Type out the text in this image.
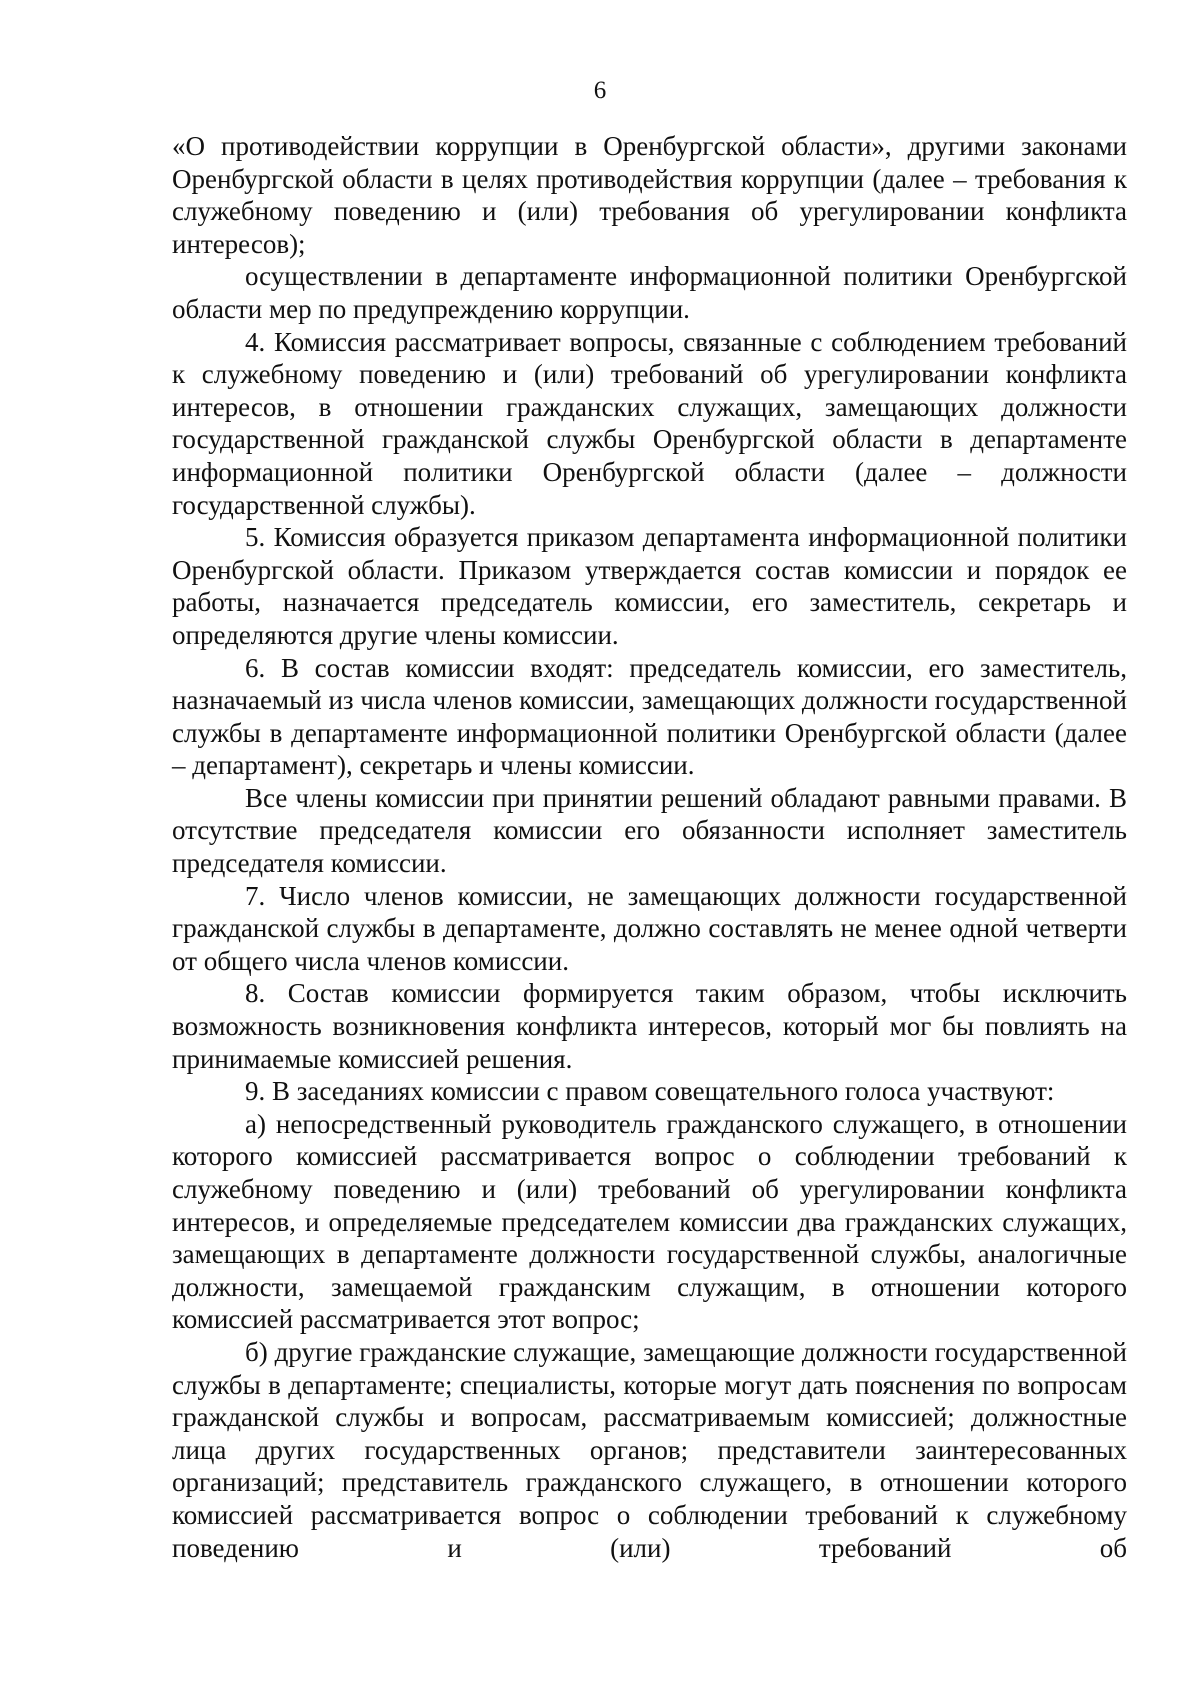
6

«О противодействии коррупции в Оренбургской области», другими законами Оренбургской области в целях противодействия коррупции (далее – требования к служебному поведению и (или) требования об урегулировании конфликта интересов);

осуществлении в департаменте информационной политики Оренбургской области мер по предупреждению коррупции.

4. Комиссия рассматривает вопросы, связанные с соблюдением требований к служебному поведению и (или) требований об урегулировании конфликта интересов, в отношении гражданских служащих, замещающих должности государственной гражданской службы Оренбургской области в департаменте информационной политики Оренбургской области (далее – должности государственной службы).

5. Комиссия образуется приказом департамента информационной политики Оренбургской области. Приказом утверждается состав комиссии и порядок ее работы, назначается председатель комиссии, его заместитель, секретарь и определяются другие члены комиссии.

6. В состав комиссии входят: председатель комиссии, его заместитель, назначаемый из числа членов комиссии, замещающих должности государственной службы в департаменте информационной политики Оренбургской области (далее – департамент), секретарь и члены комиссии.

Все члены комиссии при принятии решений обладают равными правами. В отсутствие председателя комиссии его обязанности исполняет заместитель председателя комиссии.

7. Число членов комиссии, не замещающих должности государственной гражданской службы в департаменте, должно составлять не менее одной четверти от общего числа членов комиссии.

8. Состав комиссии формируется таким образом, чтобы исключить возможность возникновения конфликта интересов, который мог бы повлиять на принимаемые комиссией решения.

9. В заседаниях комиссии с правом совещательного голоса участвуют:

а) непосредственный руководитель гражданского служащего, в отношении которого комиссией рассматривается вопрос о соблюдении требований к служебному поведению и (или) требований об урегулировании конфликта интересов, и определяемые председателем комиссии два гражданских служащих, замещающих в департаменте должности государственной службы, аналогичные должности, замещаемой гражданским служащим, в отношении которого комиссией рассматривается этот вопрос;

б) другие гражданские служащие, замещающие должности государственной службы в департаменте; специалисты, которые могут дать пояснения по вопросам гражданской службы и вопросам, рассматриваемым комиссией; должностные лица других государственных органов; представители заинтересованных организаций; представитель гражданского служащего, в отношении которого комиссией рассматривается вопрос о соблюдении требований к служебному поведению и (или) требований об
